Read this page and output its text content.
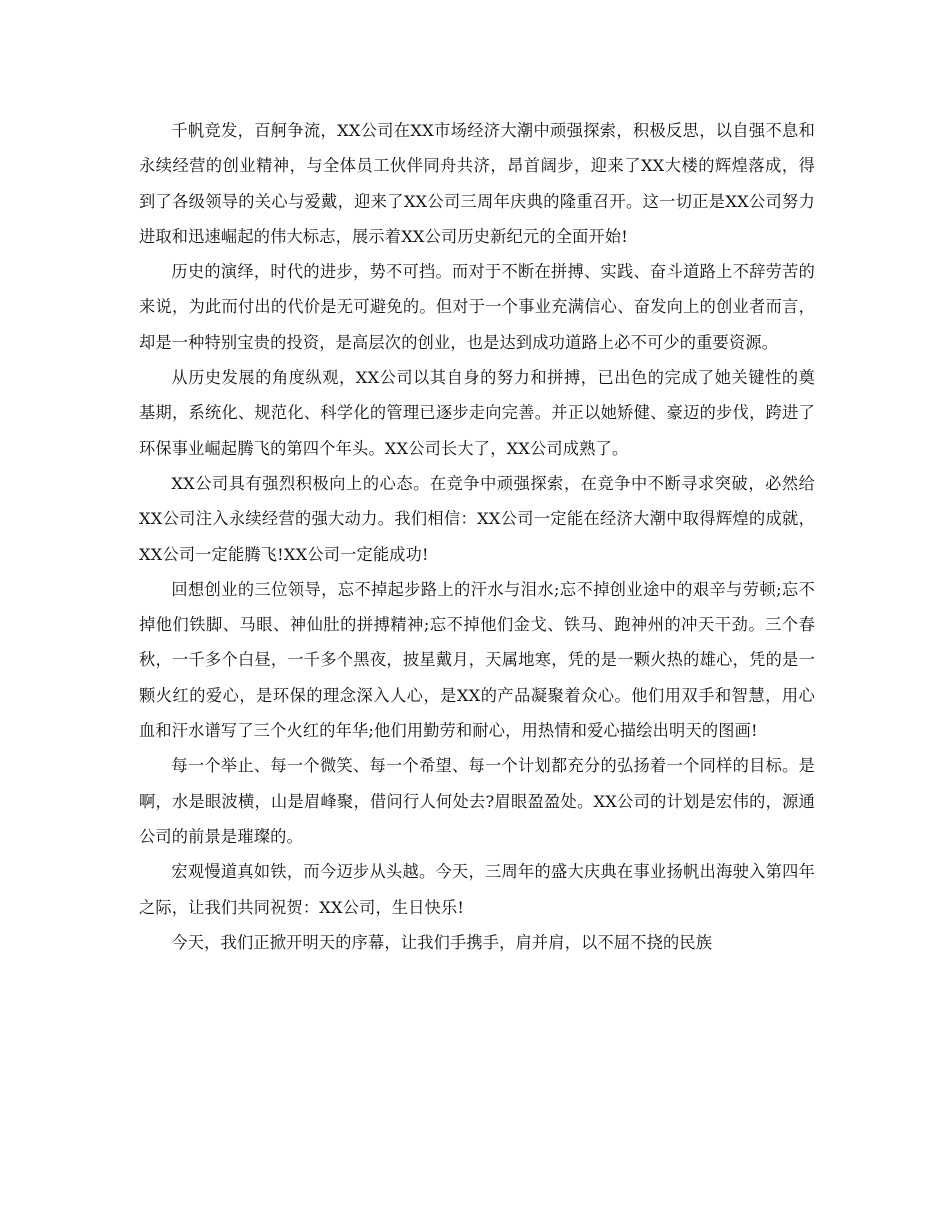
千帆竞发，百舸争流，XX公司在XX市场经济大潮中顽强探索，积极反思，以自强不息和永续经营的创业精神，与全体员工伙伴同舟共济，昂首阔步，迎来了XX大楼的辉煌落成，得到了各级领导的关心与爱戴，迎来了XX公司三周年庆典的隆重召开。这一切正是XX公司努力进取和迅速崛起的伟大标志，展示着XX公司历史新纪元的全面开始!

历史的演绎，时代的进步，势不可挡。而对于不断在拼搏、实践、奋斗道路上不辞劳苦的来说，为此而付出的代价是无可避免的。但对于一个事业充满信心、奋发向上的创业者而言，却是一种特别宝贵的投资，是高层次的创业，也是达到成功道路上必不可少的重要资源。

从历史发展的角度纵观，XX公司以其自身的努力和拼搏，已出色的完成了她关键性的奠基期，系统化、规范化、科学化的管理已逐步走向完善。并正以她矫健、豪迈的步伐，跨进了环保事业崛起腾飞的第四个年头。XX公司长大了，XX公司成熟了。

XX公司具有强烈积极向上的心态。在竞争中顽强探索，在竞争中不断寻求突破，必然给XX公司注入永续经营的强大动力。我们相信：XX公司一定能在经济大潮中取得辉煌的成就，XX公司一定能腾飞!XX公司一定能成功!

回想创业的三位领导，忘不掉起步路上的汗水与泪水;忘不掉创业途中的艰辛与劳顿;忘不掉他们铁脚、马眼、神仙肚的拼搏精神;忘不掉他们金戈、铁马、跑神州的冲天干劲。三个春秋，一千多个白昼，一千多个黑夜，披星戴月，天属地寒，凭的是一颗火热的雄心，凭的是一颗火红的爱心，是环保的理念深入人心，是XX的产品凝聚着众心。他们用双手和智慧，用心血和汗水谱写了三个火红的年华;他们用勤劳和耐心，用热情和爱心描绘出明天的图画!

每一个举止、每一个微笑、每一个希望、每一个计划都充分的弘扬着一个同样的目标。是啊，水是眼波横，山是眉峰聚，借问行人何处去?眉眼盈盈处。XX公司的计划是宏伟的，源通公司的前景是璀璨的。

宏观慢道真如铁，而今迈步从头越。今天，三周年的盛大庆典在事业扬帆出海驶入第四年之际，让我们共同祝贺：XX公司，生日快乐!

今天，我们正掀开明天的序幕，让我们手携手，肩并肩，以不屈不挠的民族
